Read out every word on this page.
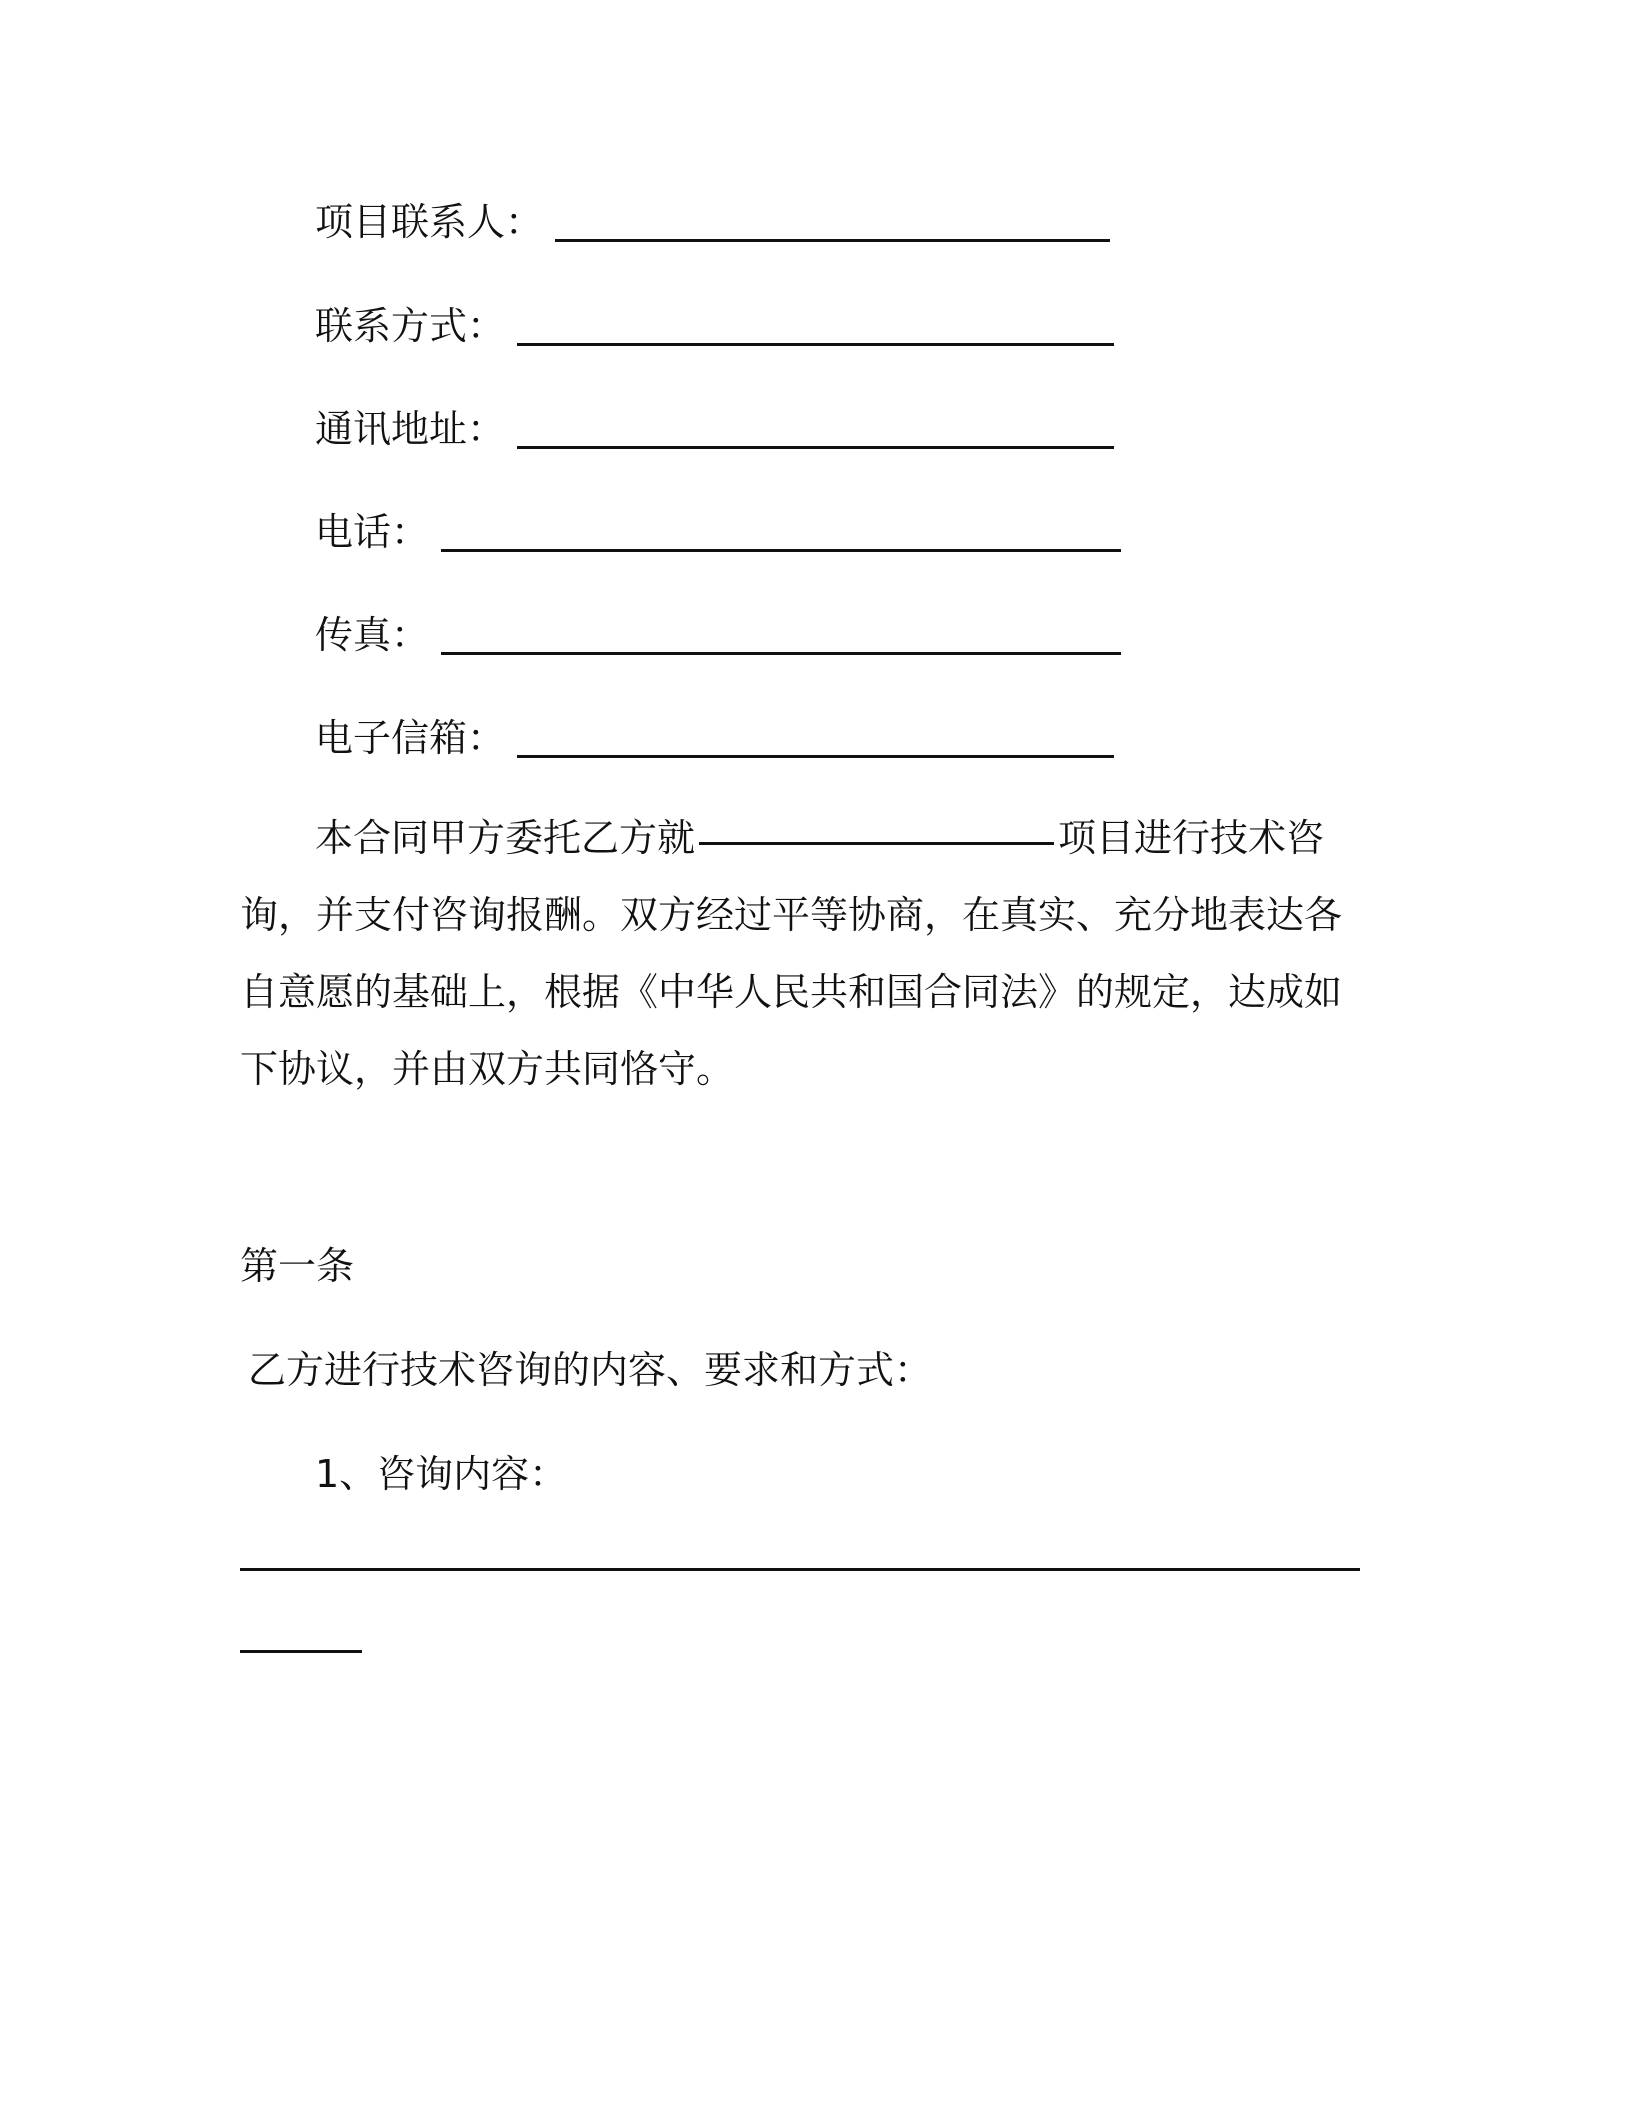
项目联系人：
联系方式：
通讯地址：
电话：
传真：
电子信箱：

本合同甲方委托乙方就	项目进行技术咨询，并支付咨询报酬。双方经过平等协商，在真实、充分地表达各自意愿的基础上，根据《中华人民共和国合同法》的规定，达成如下协议，并由双方共同恪守。

第一条
乙方进行技术咨询的内容、要求和方式：
1、咨询内容：
